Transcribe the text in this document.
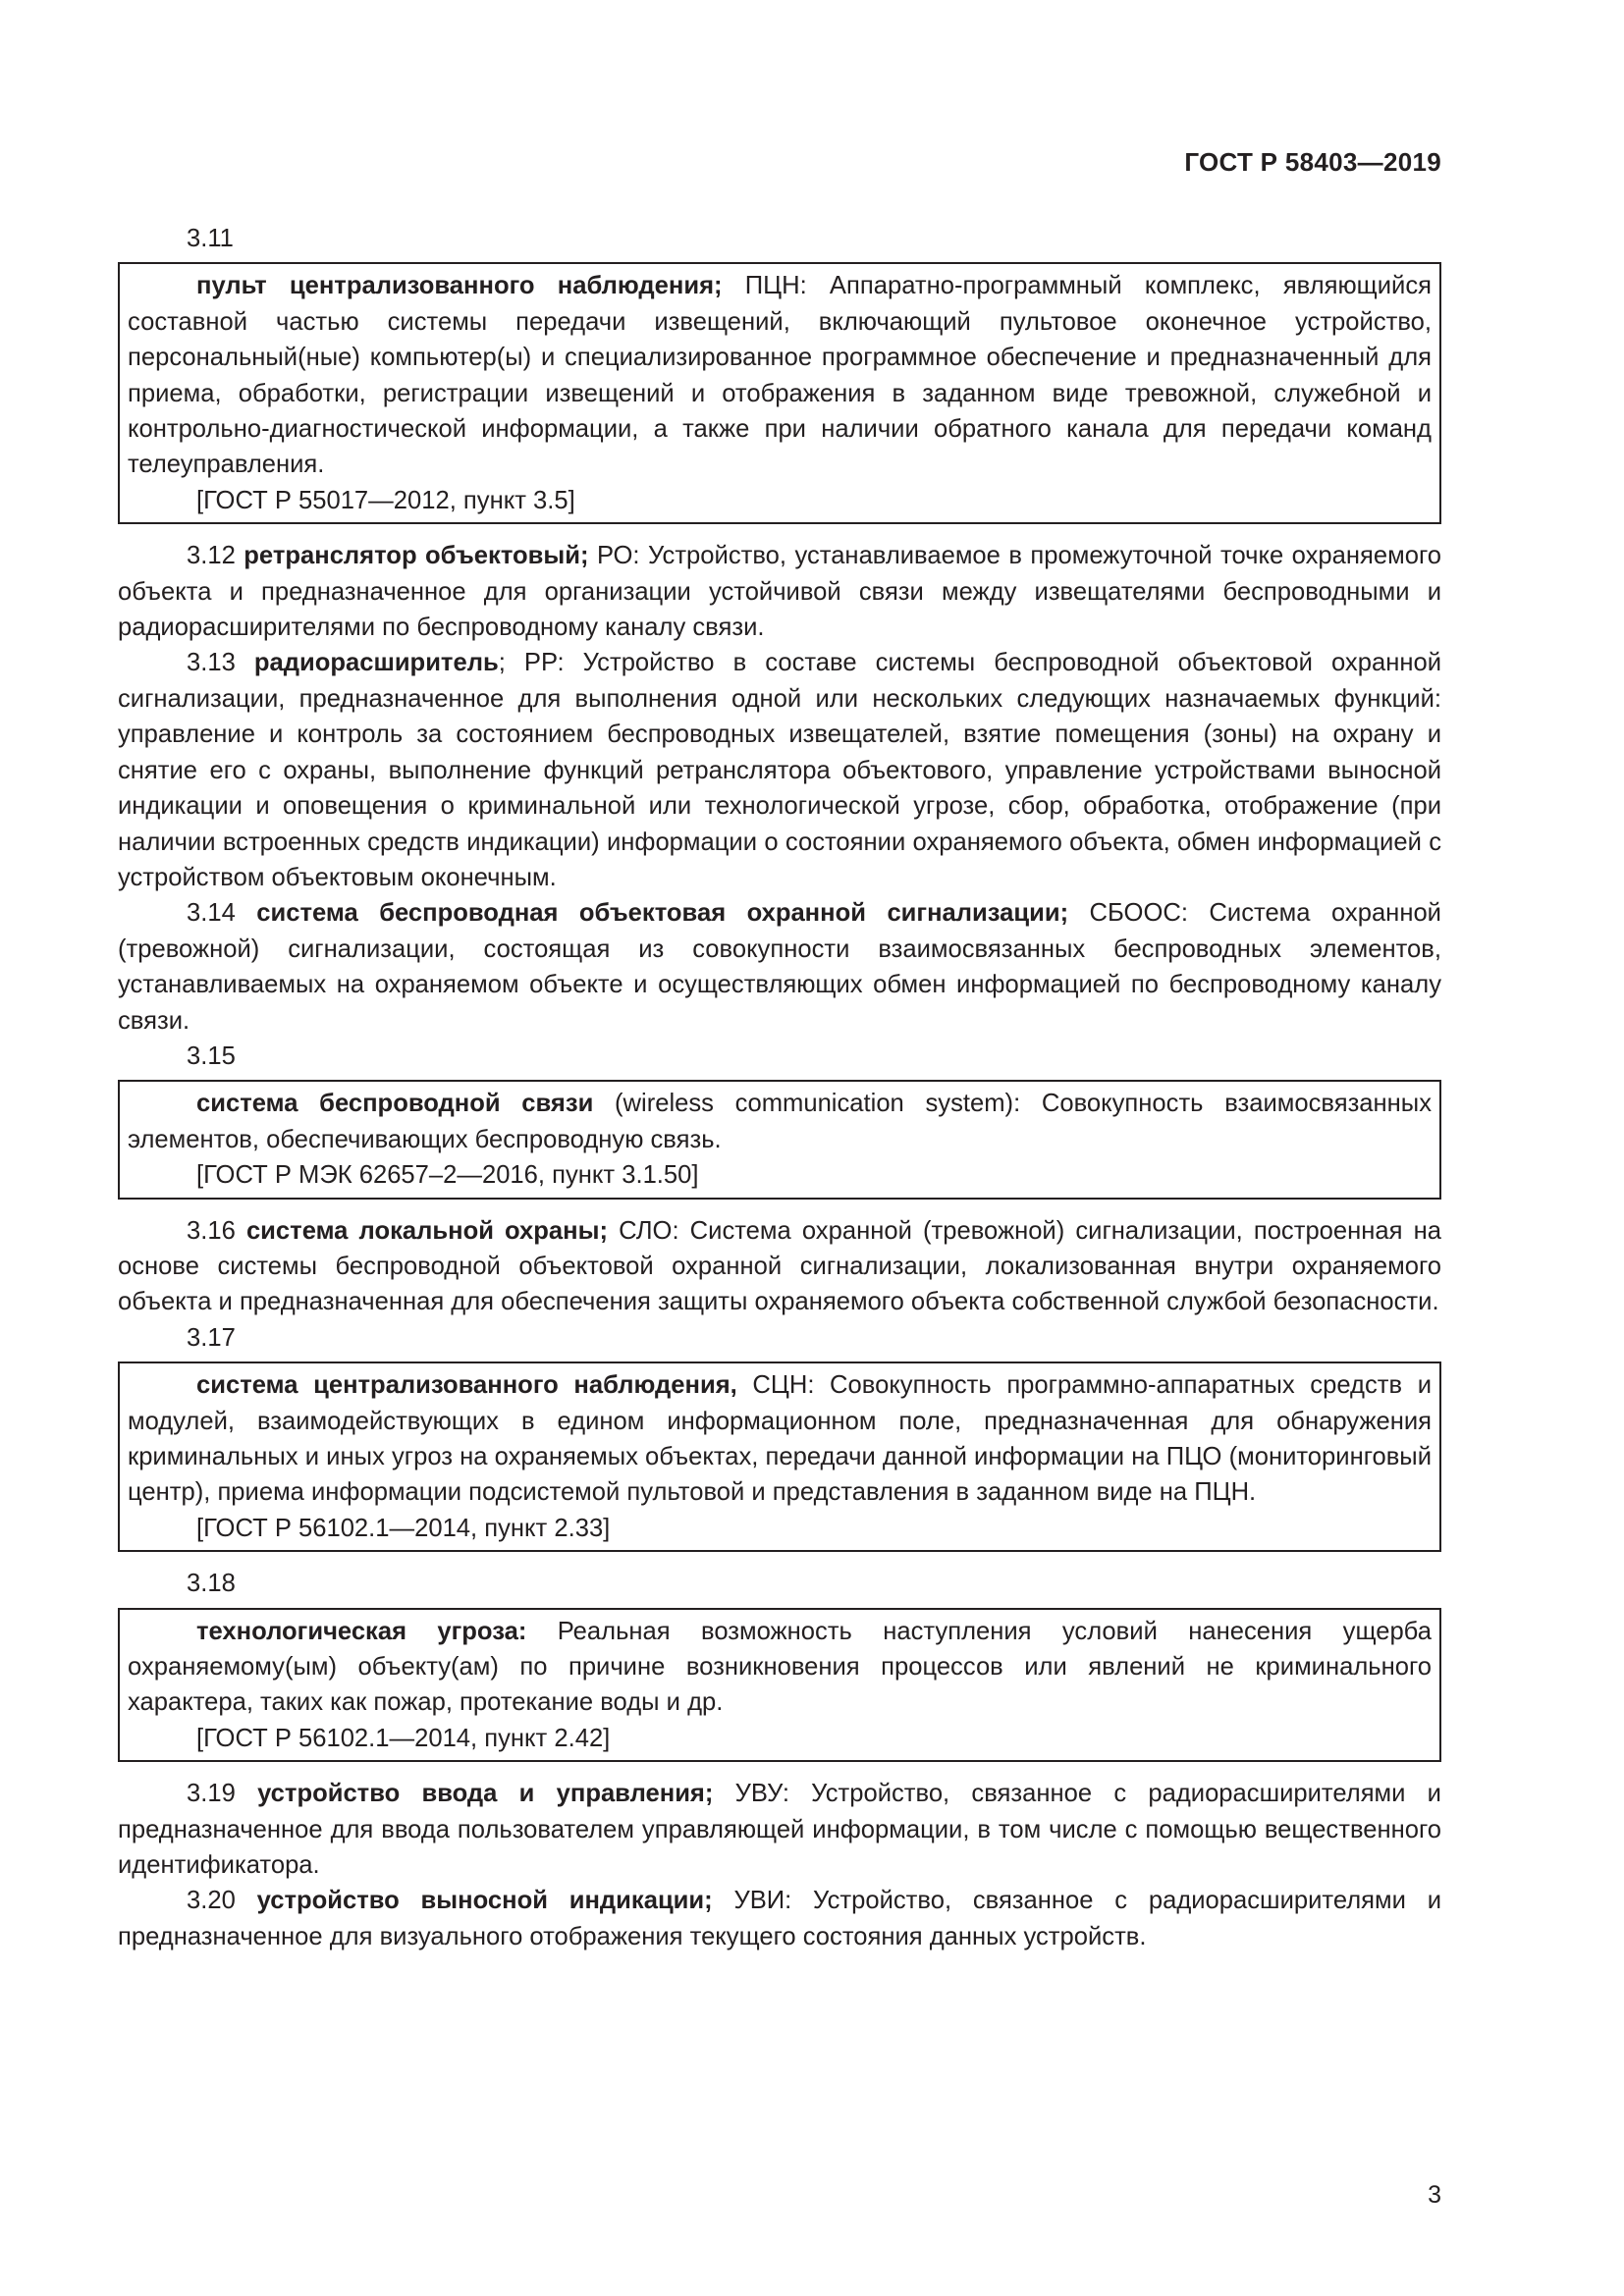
ГОСТ Р 58403—2019

3.11

пульт централизованного наблюдения; ПЦН: Аппаратно-программный комплекс, являющийся составной частью системы передачи извещений, включающий пультовое оконечное устройство, персональный(ные) компьютер(ы) и специализированное программное обеспечение и предназначенный для приема, обработки, регистрации извещений и отображения в заданном виде тревожной, служебной и контрольно-диагностической информации, а также при наличии обратного канала для передачи команд телеуправления.

[ГОСТ Р 55017—2012, пункт 3.5]

3.12 ретранслятор объектовый; РО: Устройство, устанавливаемое в промежуточной точке охраняемого объекта и предназначенное для организации устойчивой связи между извещателями беспроводными и радиорасширителями по беспроводному каналу связи.

3.13 радиорасширитель; РР: Устройство в составе системы беспроводной объектовой охранной сигнализации, предназначенное для выполнения одной или нескольких следующих назначаемых функций: управление и контроль за состоянием беспроводных извещателей, взятие помещения (зоны) на охрану и снятие его с охраны, выполнение функций ретранслятора объектового, управление устройствами выносной индикации и оповещения о криминальной или технологической угрозе, сбор, обработка, отображение (при наличии встроенных средств индикации) информации о состоянии охраняемого объекта, обмен информацией с устройством объектовым оконечным.

3.14 система беспроводная объектовая охранной сигнализации; СБООС: Система охранной (тревожной) сигнализации, состоящая из совокупности взаимосвязанных беспроводных элементов, устанавливаемых на охраняемом объекте и осуществляющих обмен информацией по беспроводному каналу связи.

3.15

система беспроводной связи (wireless communication system): Совокупность взаимосвязанных элементов, обеспечивающих беспроводную связь.

[ГОСТ Р МЭК 62657–2—2016, пункт 3.1.50]

3.16 система локальной охраны; СЛО: Система охранной (тревожной) сигнализации, построенная на основе системы беспроводной объектовой охранной сигнализации, локализованная внутри охраняемого объекта и предназначенная для обеспечения защиты охраняемого объекта собственной службой безопасности.

3.17

система централизованного наблюдения, СЦН: Совокупность программно-аппаратных средств и модулей, взаимодействующих в едином информационном поле, предназначенная для обнаружения криминальных и иных угроз на охраняемых объектах, передачи данной информации на ПЦО (мониторинговый центр), приема информации подсистемой пультовой и представления в заданном виде на ПЦН.

[ГОСТ Р 56102.1—2014, пункт 2.33]

3.18

технологическая угроза: Реальная возможность наступления условий нанесения ущерба охраняемому(ым) объекту(ам) по причине возникновения процессов или явлений не криминального характера, таких как пожар, протекание воды и др.

[ГОСТ Р 56102.1—2014, пункт 2.42]

3.19 устройство ввода и управления; УВУ: Устройство, связанное с радиорасширителями и предназначенное для ввода пользователем управляющей информации, в том числе с помощью вещественного идентификатора.

3.20 устройство выносной индикации; УВИ: Устройство, связанное с радиорасширителями и предназначенное для визуального отображения текущего состояния данных устройств.

3
